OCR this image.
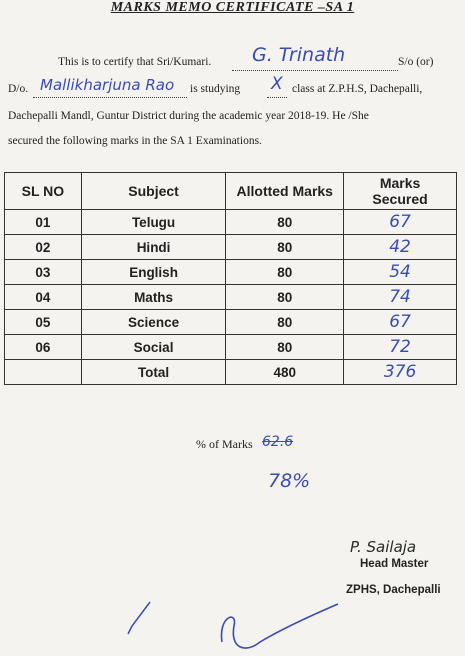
MARKS MEMO CERTIFICATE –SA 1
This is to certify that Sri/Kumari. G. Trinath	S/o (or)
D/o. Mallikharjuna Rao is studying X class at Z.P.H.S, Dachepalli,
Dachepalli Mandl, Guntur District during the academic year 2018-19. He /She
secured the following marks in the SA 1 Examinations.
SL NO	Subject	Allotted Marks	Marks Secured
01	Telugu	80	67
02	Hindi	80	42
03	English	80	54
04	Maths	80	74
05	Science	80	67
06	Social	80	72
	Total	480	376
% of Marks 62.6
78%
P. Sailaja
Head Master
ZPHS, Dachepalli
